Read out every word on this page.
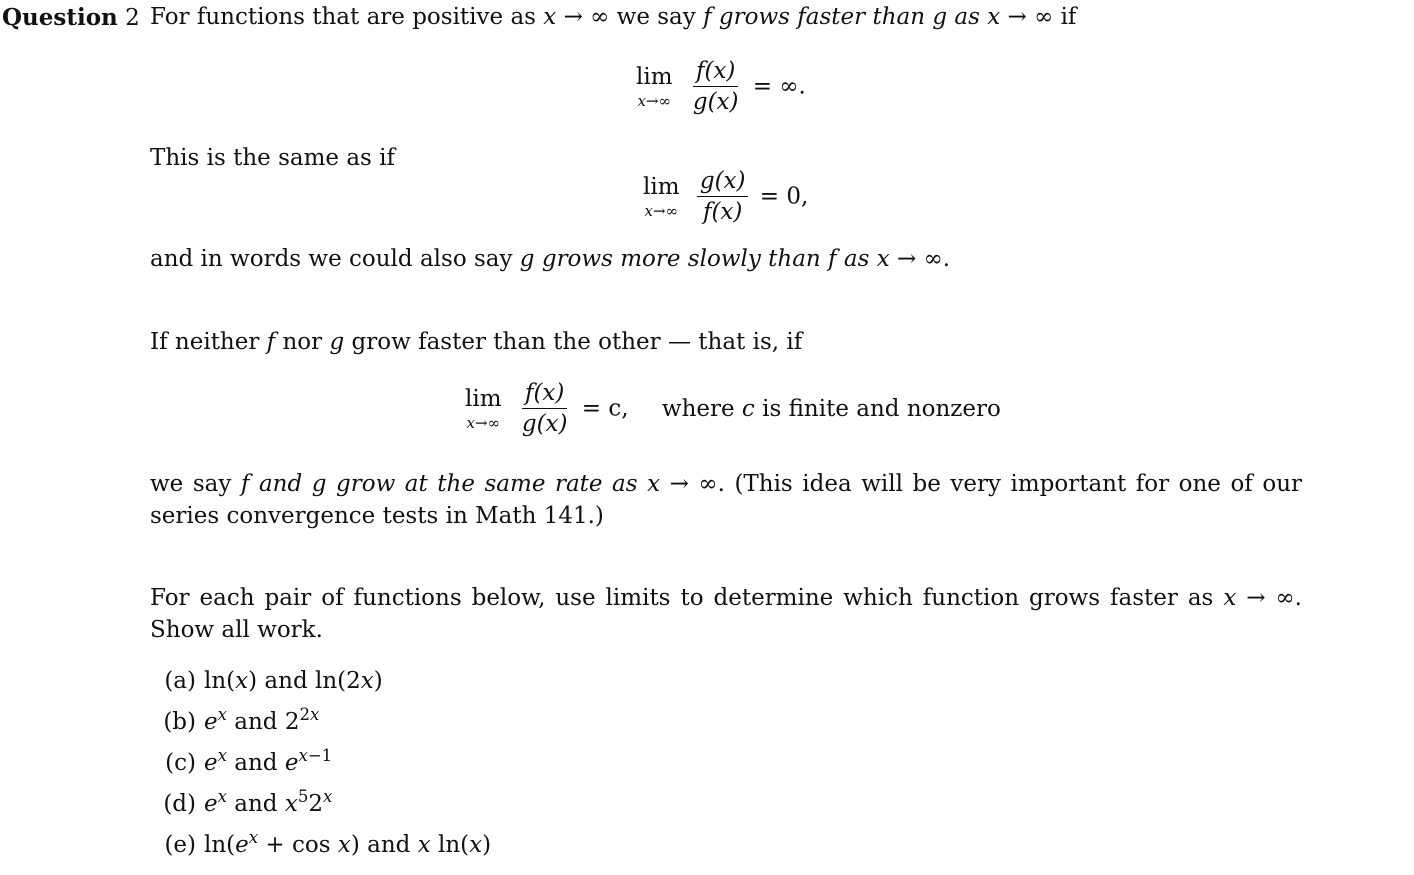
Question 2 For functions that are positive as x → ∞ we say f grows faster than g as x → ∞ if
lim
x→∞
$\frac{f(x)}{g(x)}$ = ∞.
This is the same as if
lim
x→∞
$\frac{g(x)}{f(x)} = 0$,
and in words we could also say g grows more slowly than f as x → ∞.
If neither f nor g grow faster than the other — that is, if
lim
x→∞
$\frac{f(x)}{g(x)} = c$, where c is finite and nonzero
we say f and g grow at the same rate as x → ∞. (This idea will be very important for one of our series convergence tests in Math 141.)
For each pair of functions below, use limits to determine which function grows faster as x → ∞. Show all work.
(a) ln(x) and ln(2x)
(b) $e^x$ and $2^{2x}$
(c) $e^x$ and $e^{x-1}$
(d) $e^x$ and $x^52^x$
(e) $\ln(e^x + \cos x)$ and x ln(x)
